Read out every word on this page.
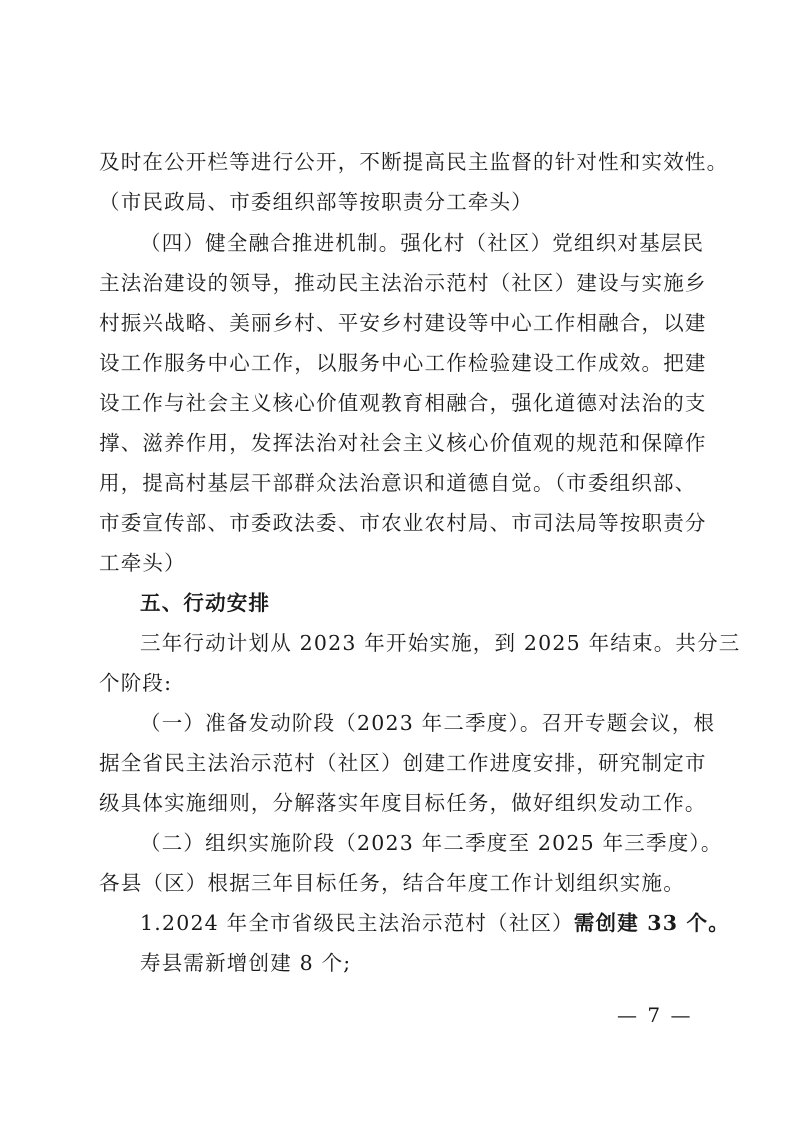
及时在公开栏等进行公开，不断提高民主监督的针对性和实效性。
（市民政局、市委组织部等按职责分工牵头）
（四）健全融合推进机制。强化村（社区）党组织对基层民
主法治建设的领导，推动民主法治示范村（社区）建设与实施乡
村振兴战略、美丽乡村、平安乡村建设等中心工作相融合，以建
设工作服务中心工作，以服务中心工作检验建设工作成效。把建
设工作与社会主义核心价值观教育相融合，强化道德对法治的支
撑、滋养作用，发挥法治对社会主义核心价值观的规范和保障作
用，提高村基层干部群众法治意识和道德自觉。（市委组织部、
市委宣传部、市委政法委、市农业农村局、市司法局等按职责分
工牵头）
五、行动安排
三年行动计划从 2023 年开始实施，到 2025 年结束。共分三
个阶段:
（一）准备发动阶段（2023 年二季度）。召开专题会议，根
据全省民主法治示范村（社区）创建工作进度安排，研究制定市
级具体实施细则，分解落实年度目标任务，做好组织发动工作。
（二）组织实施阶段（2023 年二季度至 2025 年三季度）。
各县（区）根据三年目标任务，结合年度工作计划组织实施。
1.2024 年全市省级民主法治示范村（社区）需创建 33 个。
寿县需新增创建 8 个;
— 7 —
